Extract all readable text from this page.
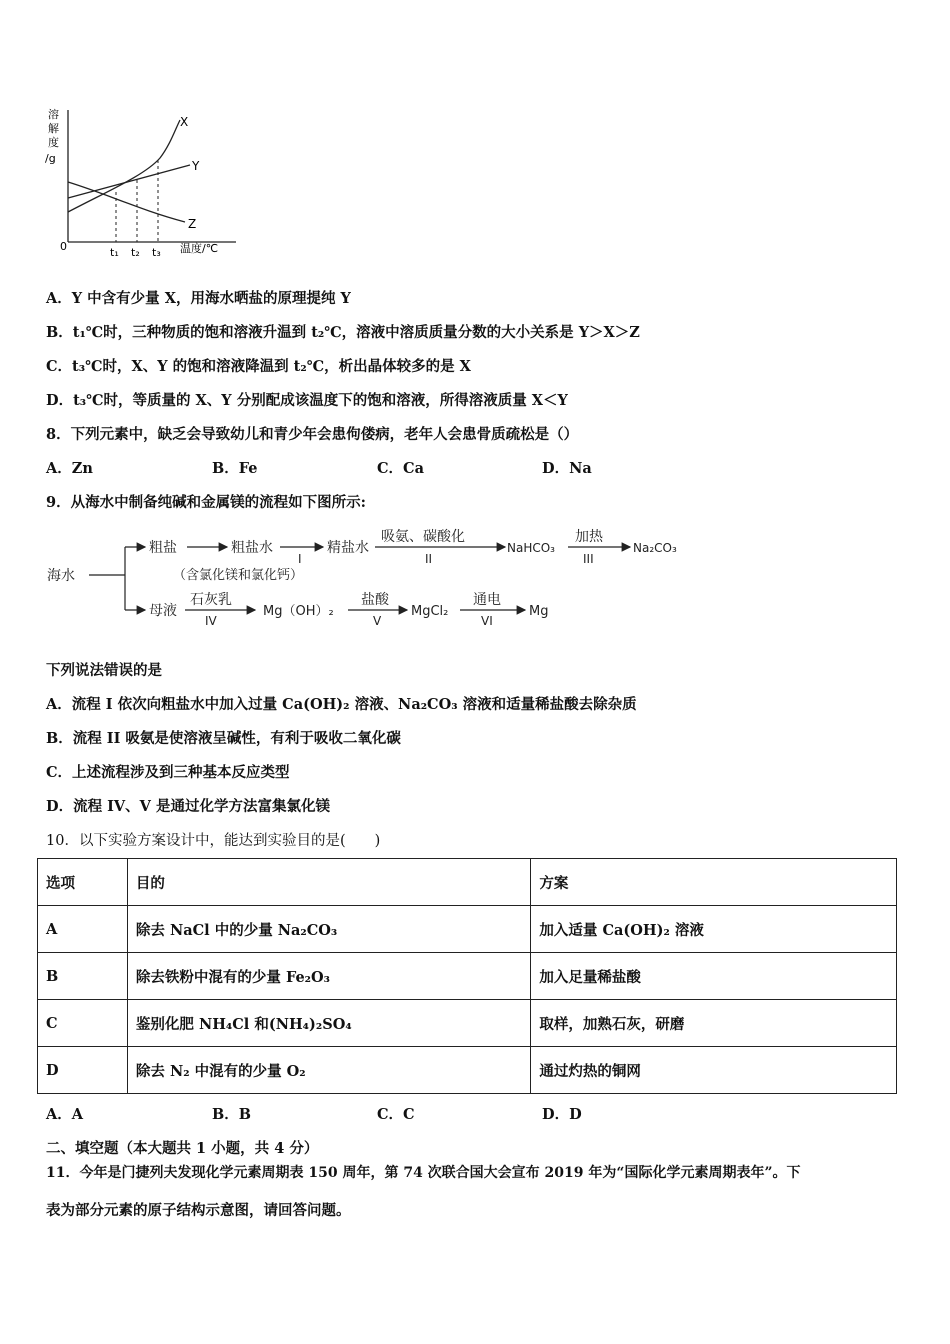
溶
解
度
/g
0	温度/℃
X
Y
Z
t₁ t₂ t₃
A．Y 中含有少量 X，用海水晒盐的原理提纯 Y
B．t₁℃时，三种物质的饱和溶液升温到 t₂℃，溶液中溶质质量分数的大小关系是 Y＞X＞Z
C．t₃℃时，X、Y 的饱和溶液降温到 t₂℃，析出晶体较多的是 X
D．t₃℃时，等质量的 X、Y 分别配成该温度下的饱和溶液，所得溶液质量 X＜Y
8．下列元素中，缺乏会导致幼儿和青少年会患佝偻病，老年人会患骨质疏松是（）
A．Zn	B．Fe	C．Ca	D．Na
9．从海水中制备纯碱和金属镁的流程如下图所示:
海水
粗盐	粗盐水
（含氯化镁和氯化钙）
I
精盐水
吸氨、碳酸化
II
NaHCO₃
加热
III
Na₂CO₃
母液
石灰乳
IV
Mg（OH）₂
盐酸
V
MgCl₂
通电
VI
Mg
下列说法错误的是
A．流程 I 依次向粗盐水中加入过量 Ca(OH)₂ 溶液、Na₂CO₃ 溶液和适量稀盐酸去除杂质
B．流程 II 吸氨是使溶液呈碱性，有利于吸收二氧化碳
C．上述流程涉及到三种基本反应类型
D．流程 IV、V 是通过化学方法富集氯化镁
10．以下实验方案设计中，能达到实验目的是(　　)
选项	目的	方案
A	除去 NaCl 中的少量 Na₂CO₃	加入适量 Ca(OH)₂ 溶液
B	除去铁粉中混有的少量 Fe₂O₃	加入足量稀盐酸
C	鉴别化肥 NH₄Cl 和(NH₄)₂SO₄	取样，加熟石灰，研磨
D	除去 N₂ 中混有的少量 O₂	通过灼热的铜网
A．A	B．B	C．C	D．D
二、填空题（本大题共 1 小题，共 4 分）
11．今年是门捷列夫发现化学元素周期表 150 周年，第 74 次联合国大会宣布 2019 年为“国际化学元素周期表年”。下
表为部分元素的原子结构示意图，请回答问题。
